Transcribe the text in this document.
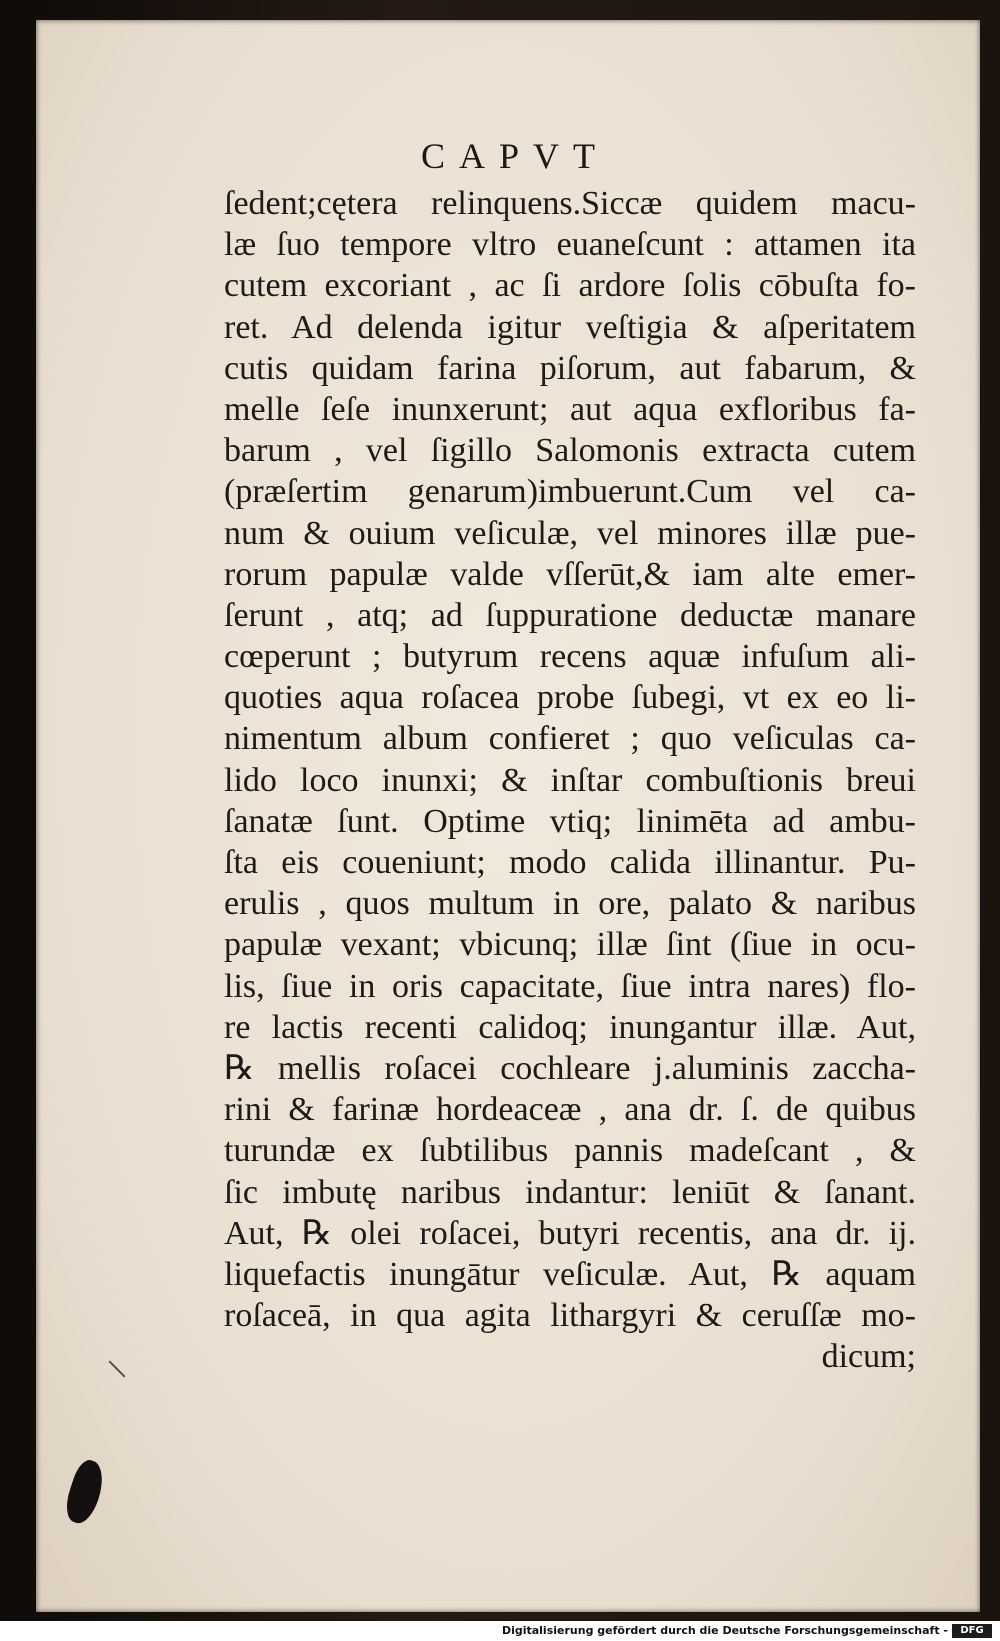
CAPVT
ſedent;cętera relinquens.Siccæ quidem macu-
læ ſuo tempore vltro euaneſcunt : attamen ita
cutem excoriant , ac ſi ardore ſolis cōbuſta fo-
ret. Ad delenda igitur veſtigia & aſperitatem
cutis quidam farina piſorum, aut fabarum, &
melle ſeſe inunxerunt; aut aqua exfloribus fa-
barum , vel ſigillo Salomonis extracta cutem
(præſertim genarum)imbuerunt.Cum vel ca-
num & ouium veſiculæ, vel minores illæ pue-
rorum papulæ valde vſſerūt,& iam alte emer-
ſerunt , atq; ad ſuppuratione deductæ manare
cœperunt ; butyrum recens aquæ infuſum ali-
quoties aqua roſacea probe ſubegi, vt ex eo li-
nimentum album confieret ; quo veſiculas ca-
lido loco inunxi; & inſtar combuſtionis breui
ſanatæ ſunt. Optime vtiq; linimēta ad ambu-
ſta eis coueniunt; modo calida illinantur. Pu-
erulis , quos multum in ore, palato & naribus
papulæ vexant; vbicunq; illæ ſint (ſiue in ocu-
lis, ſiue in oris capacitate, ſiue intra nares) flo-
re lactis recenti calidoq; inungantur illæ. Aut,
℞ mellis roſacei cochleare j.aluminis zaccha-
rini & farinæ hordeaceæ , ana dr. ſ. de quibus
turundæ ex ſubtilibus pannis madeſcant , &
ſic imbutę naribus indantur: leniūt & ſanant.
Aut, ℞ olei roſacei, butyri recentis, ana dr. ij.
liquefactis inungātur veſiculæ. Aut, ℞ aquam
roſaceā, in qua agita lithargyri & ceruſſæ mo-
dicum;
Digitalisierung gefördert durch die Deutsche Forschungsgemeinschaft -	DFG
